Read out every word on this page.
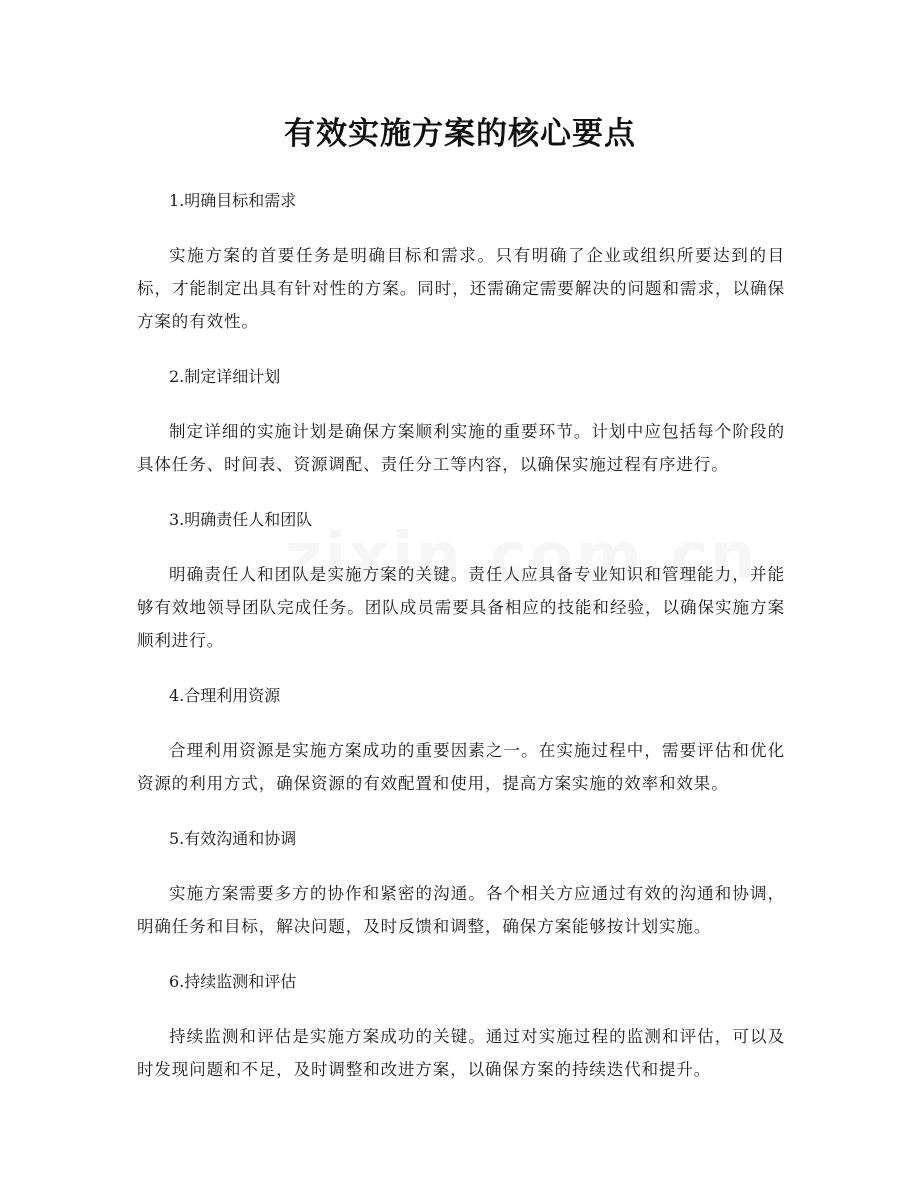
有效实施方案的核心要点

1.明确目标和需求

实施方案的首要任务是明确目标和需求。只有明确了企业或组织所要达到的目标，才能制定出具有针对性的方案。同时，还需确定需要解决的问题和需求，以确保方案的有效性。

2.制定详细计划

制定详细的实施计划是确保方案顺利实施的重要环节。计划中应包括每个阶段的具体任务、时间表、资源调配、责任分工等内容，以确保实施过程有序进行。

3.明确责任人和团队

明确责任人和团队是实施方案的关键。责任人应具备专业知识和管理能力，并能够有效地领导团队完成任务。团队成员需要具备相应的技能和经验，以确保实施方案顺利进行。

4.合理利用资源

合理利用资源是实施方案成功的重要因素之一。在实施过程中，需要评估和优化资源的利用方式，确保资源的有效配置和使用，提高方案实施的效率和效果。

5.有效沟通和协调

实施方案需要多方的协作和紧密的沟通。各个相关方应通过有效的沟通和协调，明确任务和目标，解决问题，及时反馈和调整，确保方案能够按计划实施。

6.持续监测和评估

持续监测和评估是实施方案成功的关键。通过对实施过程的监测和评估，可以及时发现问题和不足，及时调整和改进方案，以确保方案的持续迭代和提升。
